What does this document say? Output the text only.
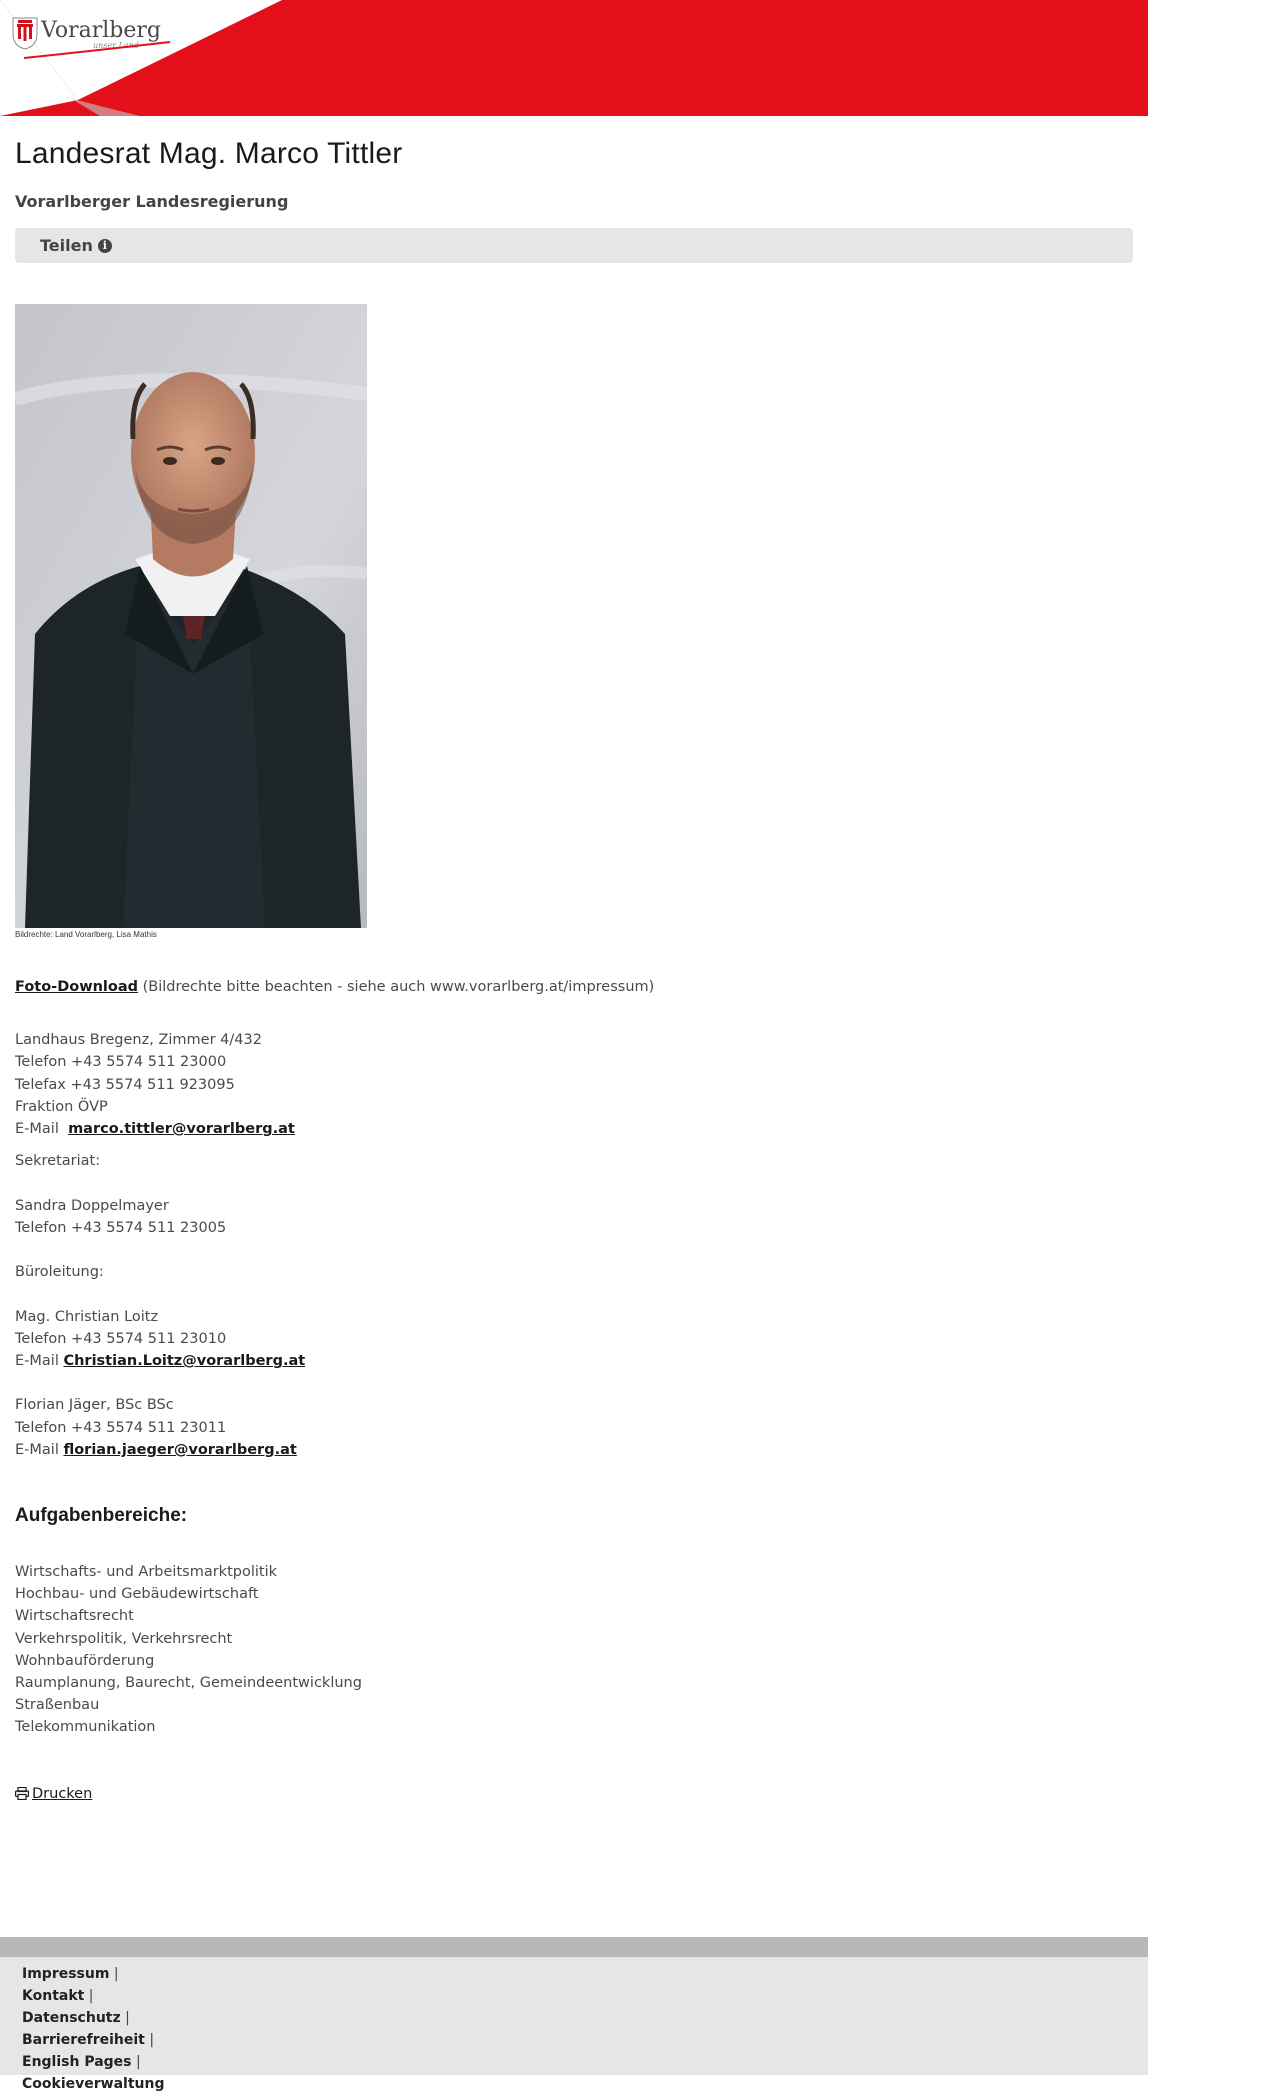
Vorarlberg
unser Land
Landesrat Mag. Marco Tittler
Vorarlberger Landesregierung
Teilen i
Bildrechte: Land Vorarlberg, Lisa Mathis
Foto-Download (Bildrechte bitte beachten - siehe auch www.vorarlberg.at/impressum)
Landhaus Bregenz, Zimmer 4/432
Telefon +43 5574 511 23000
Telefax +43 5574 511 923095
Fraktion ÖVP
E-Mail  marco.tittler@vorarlberg.at
Sekretariat:
Sandra Doppelmayer
Telefon +43 5574 511 23005
Büroleitung:
Mag. Christian Loitz
Telefon +43 5574 511 23010
E-Mail Christian.Loitz@vorarlberg.at
Florian Jäger, BSc BSc
Telefon +43 5574 511 23011
E-Mail florian.jaeger@vorarlberg.at
Aufgabenbereiche:
Wirtschafts- und Arbeitsmarktpolitik
Hochbau- und Gebäudewirtschaft
Wirtschaftsrecht
Verkehrspolitik, Verkehrsrecht
Wohnbauförderung
Raumplanung, Baurecht, Gemeindeentwicklung
Straßenbau
Telekommunikation
Drucken
Impressum |
Kontakt |
Datenschutz |
Barrierefreiheit |
English Pages |
Cookieverwaltung
